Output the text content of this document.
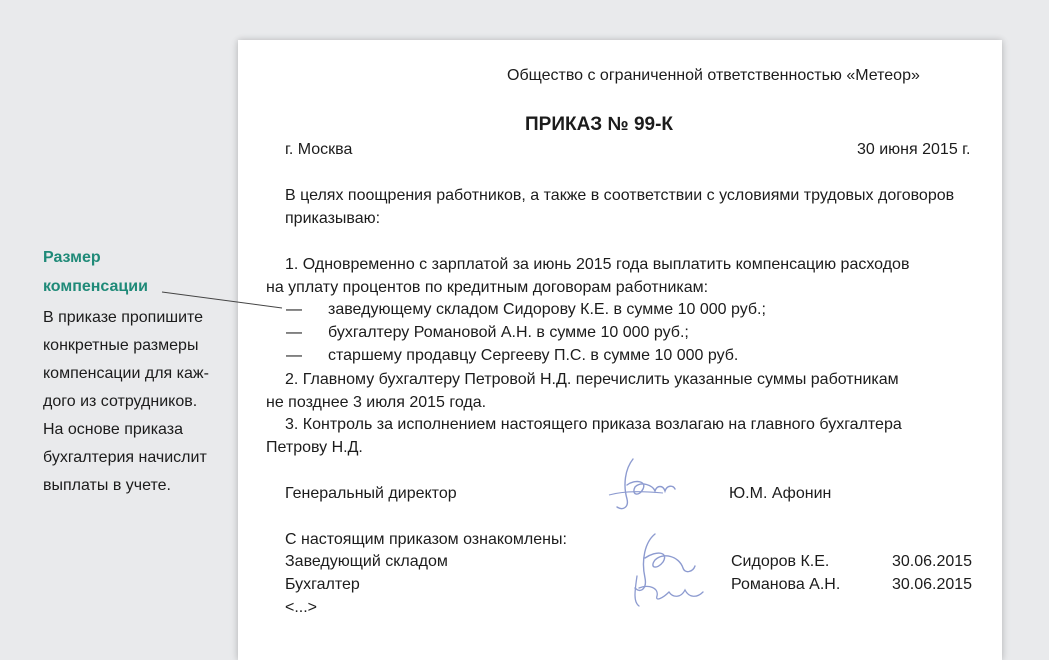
Размер
компенсации
В приказе пропишите
конкретные размеры
компенсации для каж-
дого из сотрудников.
На основе приказа
бухгалтерия начислит
выплаты в учете.
Общество с ограниченной ответственностью «Метеор»
ПРИКАЗ № 99-К
г. Москва	30 июня 2015 г.
В целях поощрения работников, а также в соответствии с условиями трудовых договоров
приказываю:
1. Одновременно с зарплатой за июнь 2015 года выплатить компенсацию расходов
на уплату процентов по кредитным договорам работникам:
— заведующему складом Сидорову К.Е. в сумме 10 000 руб.;
— бухгалтеру Романовой А.Н. в сумме 10 000 руб.;
— старшему продавцу Сергееву П.С. в сумме 10 000 руб.
2. Главному бухгалтеру Петровой Н.Д. перечислить указанные суммы работникам
не позднее 3 июля 2015 года.
3. Контроль за исполнением настоящего приказа возлагаю на главного бухгалтера
Петрову Н.Д.
Генеральный директор	Ю.М. Афонин
С настоящим приказом ознакомлены:
Заведующий складом	Сидоров К.Е.	30.06.2015
Бухгалтер	Романова А.Н.	30.06.2015
<...>
